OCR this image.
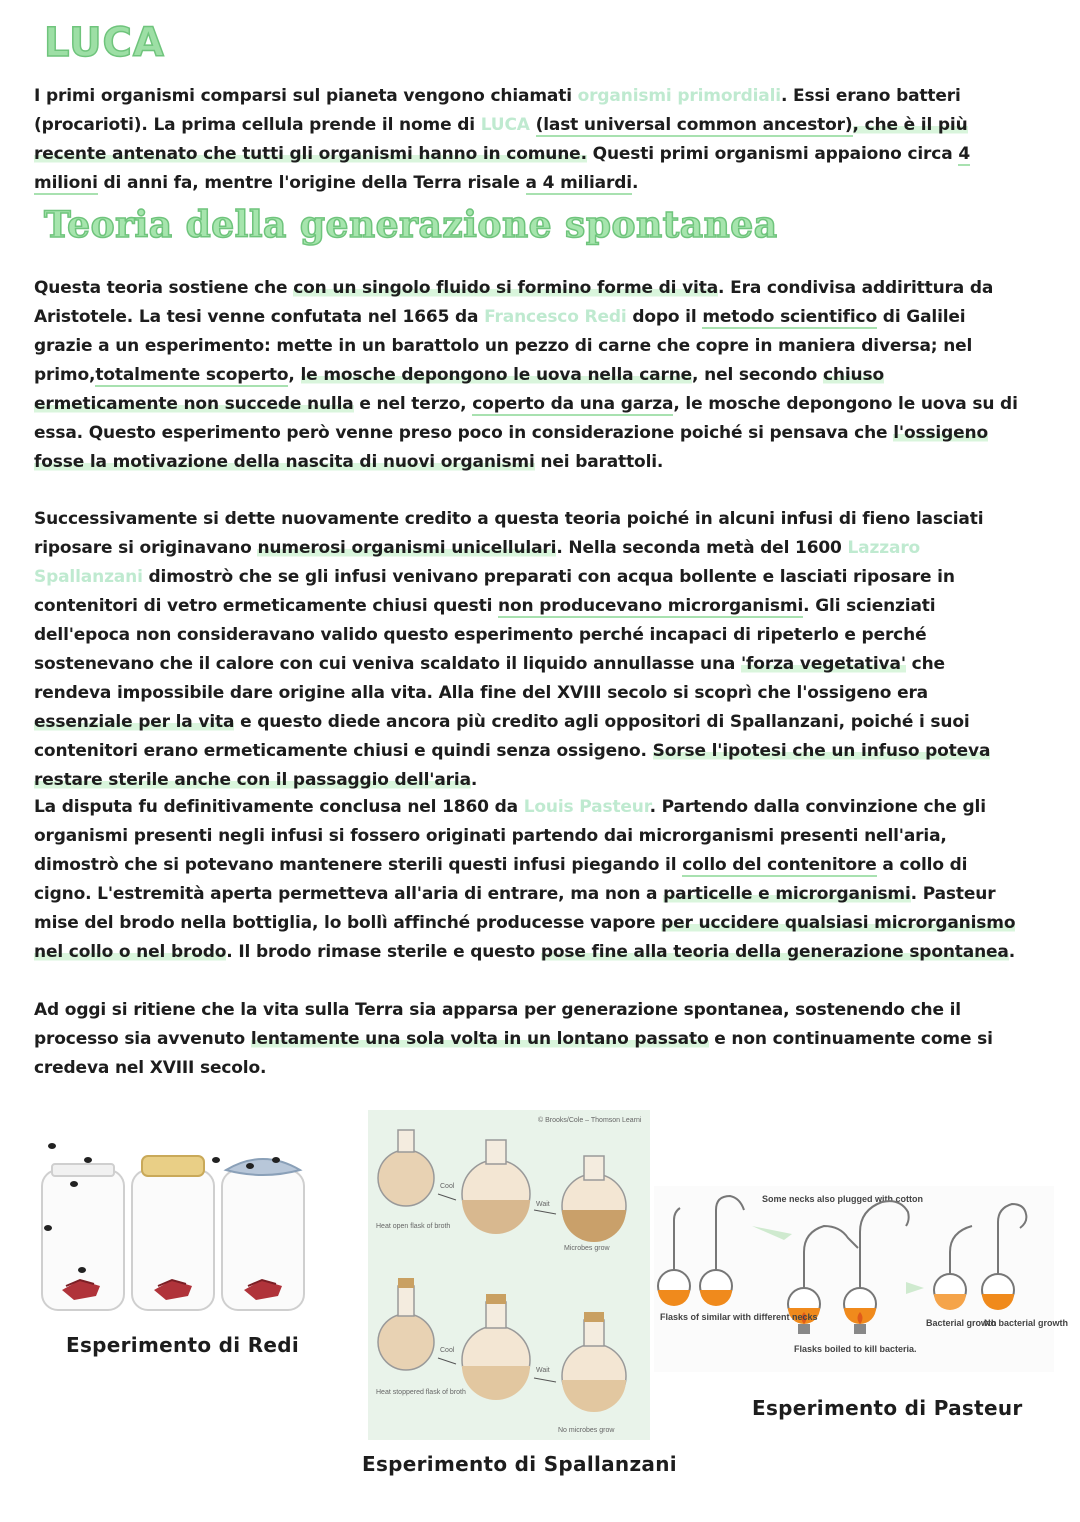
LUCA

I primi organismi comparsi sul pianeta vengono chiamati organismi primordiali. Essi erano batteri (procarioti). La prima cellula prende il nome di LUCA (last universal common ancestor), che è il più recente antenato che tutti gli organismi hanno in comune. Questi primi organismi appaiono circa 4 milioni di anni fa, mentre l'origine della Terra risale a 4 miliardi.

Teoria della generazione spontanea

Questa teoria sostiene che con un singolo fluido si formino forme di vita. Era condivisa addirittura da Aristotele. La tesi venne confutata nel 1665 da Francesco Redi dopo il metodo scientifico di Galilei grazie a un esperimento: mette in un barattolo un pezzo di carne che copre in maniera diversa; nel primo,totalmente scoperto, le mosche depongono le uova nella carne, nel secondo chiuso ermeticamente non succede nulla e nel terzo, coperto da una garza, le mosche depongono le uova su di essa. Questo esperimento però venne preso poco in considerazione poiché si pensava che l'ossigeno fosse la motivazione della nascita di nuovi organismi nei barattoli.

Successivamente si dette nuovamente credito a questa teoria poiché in alcuni infusi di fieno lasciati riposare si originavano numerosi organismi unicellulari. Nella seconda metà del 1600 Lazzaro Spallanzani dimostrò che se gli infusi venivano preparati con acqua bollente e lasciati riposare in contenitori di vetro ermeticamente chiusi questi non producevano microrganismi. Gli scienziati dell'epoca non consideravano valido questo esperimento perché incapaci di ripeterlo e perché sostenevano che il calore con cui veniva scaldato il liquido annullasse una 'forza vegetativa' che rendeva impossibile dare origine alla vita. Alla fine del XVIII secolo si scoprì che l'ossigeno era essenziale per la vita e questo diede ancora più credito agli oppositori di Spallanzani, poiché i suoi contenitori erano ermeticamente chiusi e quindi senza ossigeno. Sorse l'ipotesi che un infuso poteva restare sterile anche con il passaggio dell'aria.

La disputa fu definitivamente conclusa nel 1860 da Louis Pasteur. Partendo dalla convinzione che gli organismi presenti negli infusi si fossero originati partendo dai microrganismi presenti nell'aria, dimostrò che si potevano mantenere sterili questi infusi piegando il collo del contenitore a collo di cigno. L'estremità aperta permetteva all'aria di entrare, ma non a particelle e microrganismi. Pasteur mise del brodo nella bottiglia, lo bollì affinché producesse vapore per uccidere qualsiasi microrganismo nel collo o nel brodo. Il brodo rimase sterile e questo pose fine alla teoria della generazione spontanea.

Ad oggi si ritiene che la vita sulla Terra sia apparsa per generazione spontanea, sostenendo che il processo sia avvenuto lentamente una sola volta in un lontano passato e non continuamente come si credeva nel XVIII secolo.

Esperimento di Redi

© Brooks/Cole – Thomson Learni
Heat open flask of broth
Cool
Wait
Microbes grow
Heat stoppered flask of broth
Cool
Wait
No microbes grow

Esperimento di Spallanzani

Some necks also plugged with cotton
Flasks of similar with different necks
Flasks boiled to kill bacteria.
Bacterial growth
No bacterial growth

Esperimento di Pasteur
